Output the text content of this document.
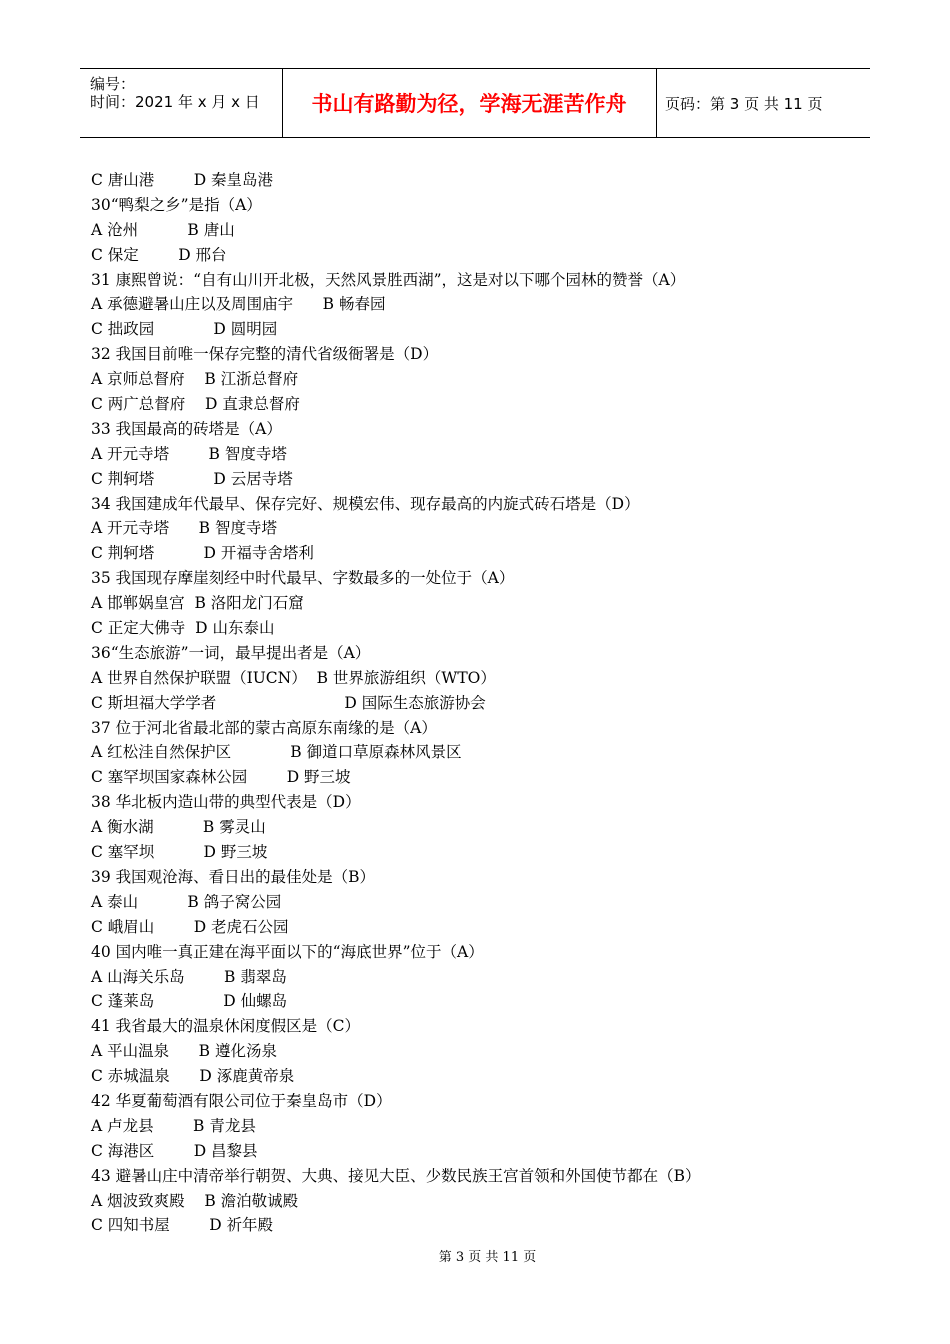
编号：
时间：2021 年 x 月 x 日 书山有路勤为径，学海无涯苦作舟	页码：第 3 页 共 11 页
C 唐山港        D 秦皇岛港
30“鸭梨之乡”是指（A）
A 沧州          B 唐山
C 保定        D 邢台
31 康熙曾说：“自有山川开北极，天然风景胜西湖”，这是对以下哪个园林的赞誉（A）
A 承德避暑山庄以及周围庙宇      B 畅春园
C 拙政园            D 圆明园
32 我国目前唯一保存完整的清代省级衙署是（D）
A 京师总督府    B 江浙总督府
C 两广总督府    D 直隶总督府
33 我国最高的砖塔是（A）
A 开元寺塔        B 智度寺塔
C 荆轲塔            D 云居寺塔
34 我国建成年代最早、保存完好、规模宏伟、现存最高的内旋式砖石塔是（D）
A 开元寺塔      B 智度寺塔
C 荆轲塔          D 开福寺舍塔利
35 我国现存摩崖刻经中时代最早、字数最多的一处位于（A）
A 邯郸娲皇宫  B 洛阳龙门石窟
C 正定大佛寺  D 山东泰山
36“生态旅游”一词，最早提出者是（A）
A 世界自然保护联盟（IUCN）  B 世界旅游组织（WTO）
C 斯坦福大学学者                          D 国际生态旅游协会
37 位于河北省最北部的蒙古高原东南缘的是（A）
A 红松洼自然保护区            B 御道口草原森林风景区
C 塞罕坝国家森林公园        D 野三坡
38 华北板内造山带的典型代表是（D）
A 衡水湖          B 雾灵山
C 塞罕坝          D 野三坡
39 我国观沧海、看日出的最佳处是（B）
A 泰山          B 鸽子窝公园
C 峨眉山        D 老虎石公园
40 国内唯一真正建在海平面以下的“海底世界”位于（A）
A 山海关乐岛        B 翡翠岛
C 蓬莱岛              D 仙螺岛
41 我省最大的温泉休闲度假区是（C）
A 平山温泉      B 遵化汤泉
C 赤城温泉      D 涿鹿黄帝泉
42 华夏葡萄酒有限公司位于秦皇岛市（D）
A 卢龙县        B 青龙县
C 海港区        D 昌黎县
43 避暑山庄中清帝举行朝贺、大典、接见大臣、少数民族王宫首领和外国使节都在（B）
A 烟波致爽殿    B 澹泊敬诚殿
C 四知书屋        D 祈年殿
第 3 页 共 11 页
